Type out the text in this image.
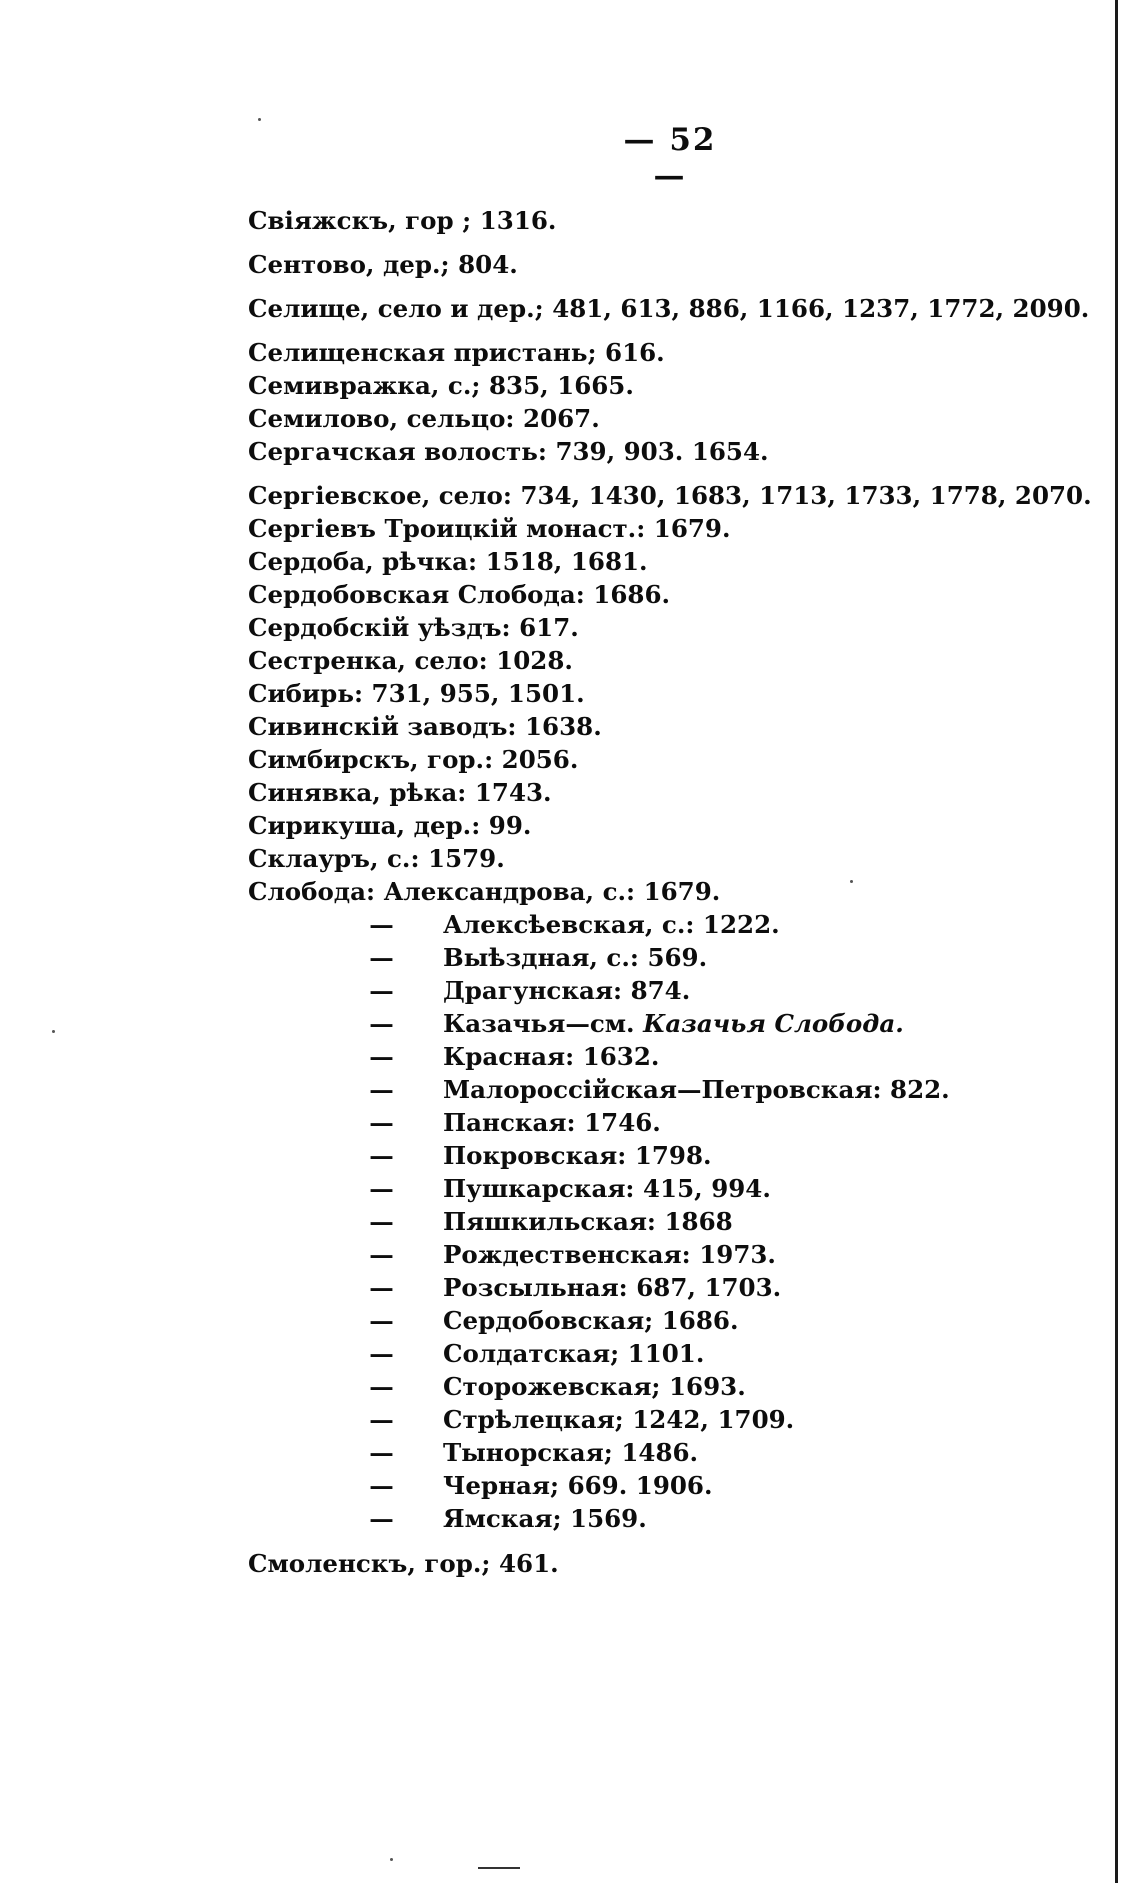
— 52 —
Свіяжскъ, гор ; 1316.
Сентово, дер.; 804.
Селище, село и дер.; 481, 613, 886, 1166, 1237, 1772, 2090.
Селищенская пристань; 616.
Семивражка, с.; 835, 1665.
Семилово, сельцо: 2067.
Сергачская волость: 739, 903. 1654.
Сергіевское, село: 734, 1430, 1683, 1713, 1733, 1778, 2070.
Сергіевъ Троицкій монаст.: 1679.
Сердоба, рѣчка: 1518, 1681.
Сердобовская Слобода: 1686.
Сердобскій уѣздъ: 617.
Сестренка, село: 1028.
Сибирь: 731, 955, 1501.
Сивинскій заводъ: 1638.
Симбирскъ, гор.: 2056.
Синявка, рѣка: 1743.
Сирикуша, дер.: 99.
Склауръ, с.: 1579.
Слобода: Александрова, с.: 1679.
— Алексѣевская, с.: 1222.
— Выѣздная, с.: 569.
— Драгунская: 874.
— Казачья—см. Казачья Слобода.
— Красная: 1632.
— Малороссійская—Петровская: 822.
— Панская: 1746.
— Покровская: 1798.
— Пушкарская: 415, 994.
— Пяшкильская: 1868
— Рождественская: 1973.
— Розсыльная: 687, 1703.
— Сердобовская; 1686.
— Солдатская; 1101.
— Сторожевская; 1693.
— Стрѣлецкая; 1242, 1709.
— Тынорская; 1486.
— Черная; 669. 1906.
— Ямская; 1569.
Смоленскъ, гор.; 461.
